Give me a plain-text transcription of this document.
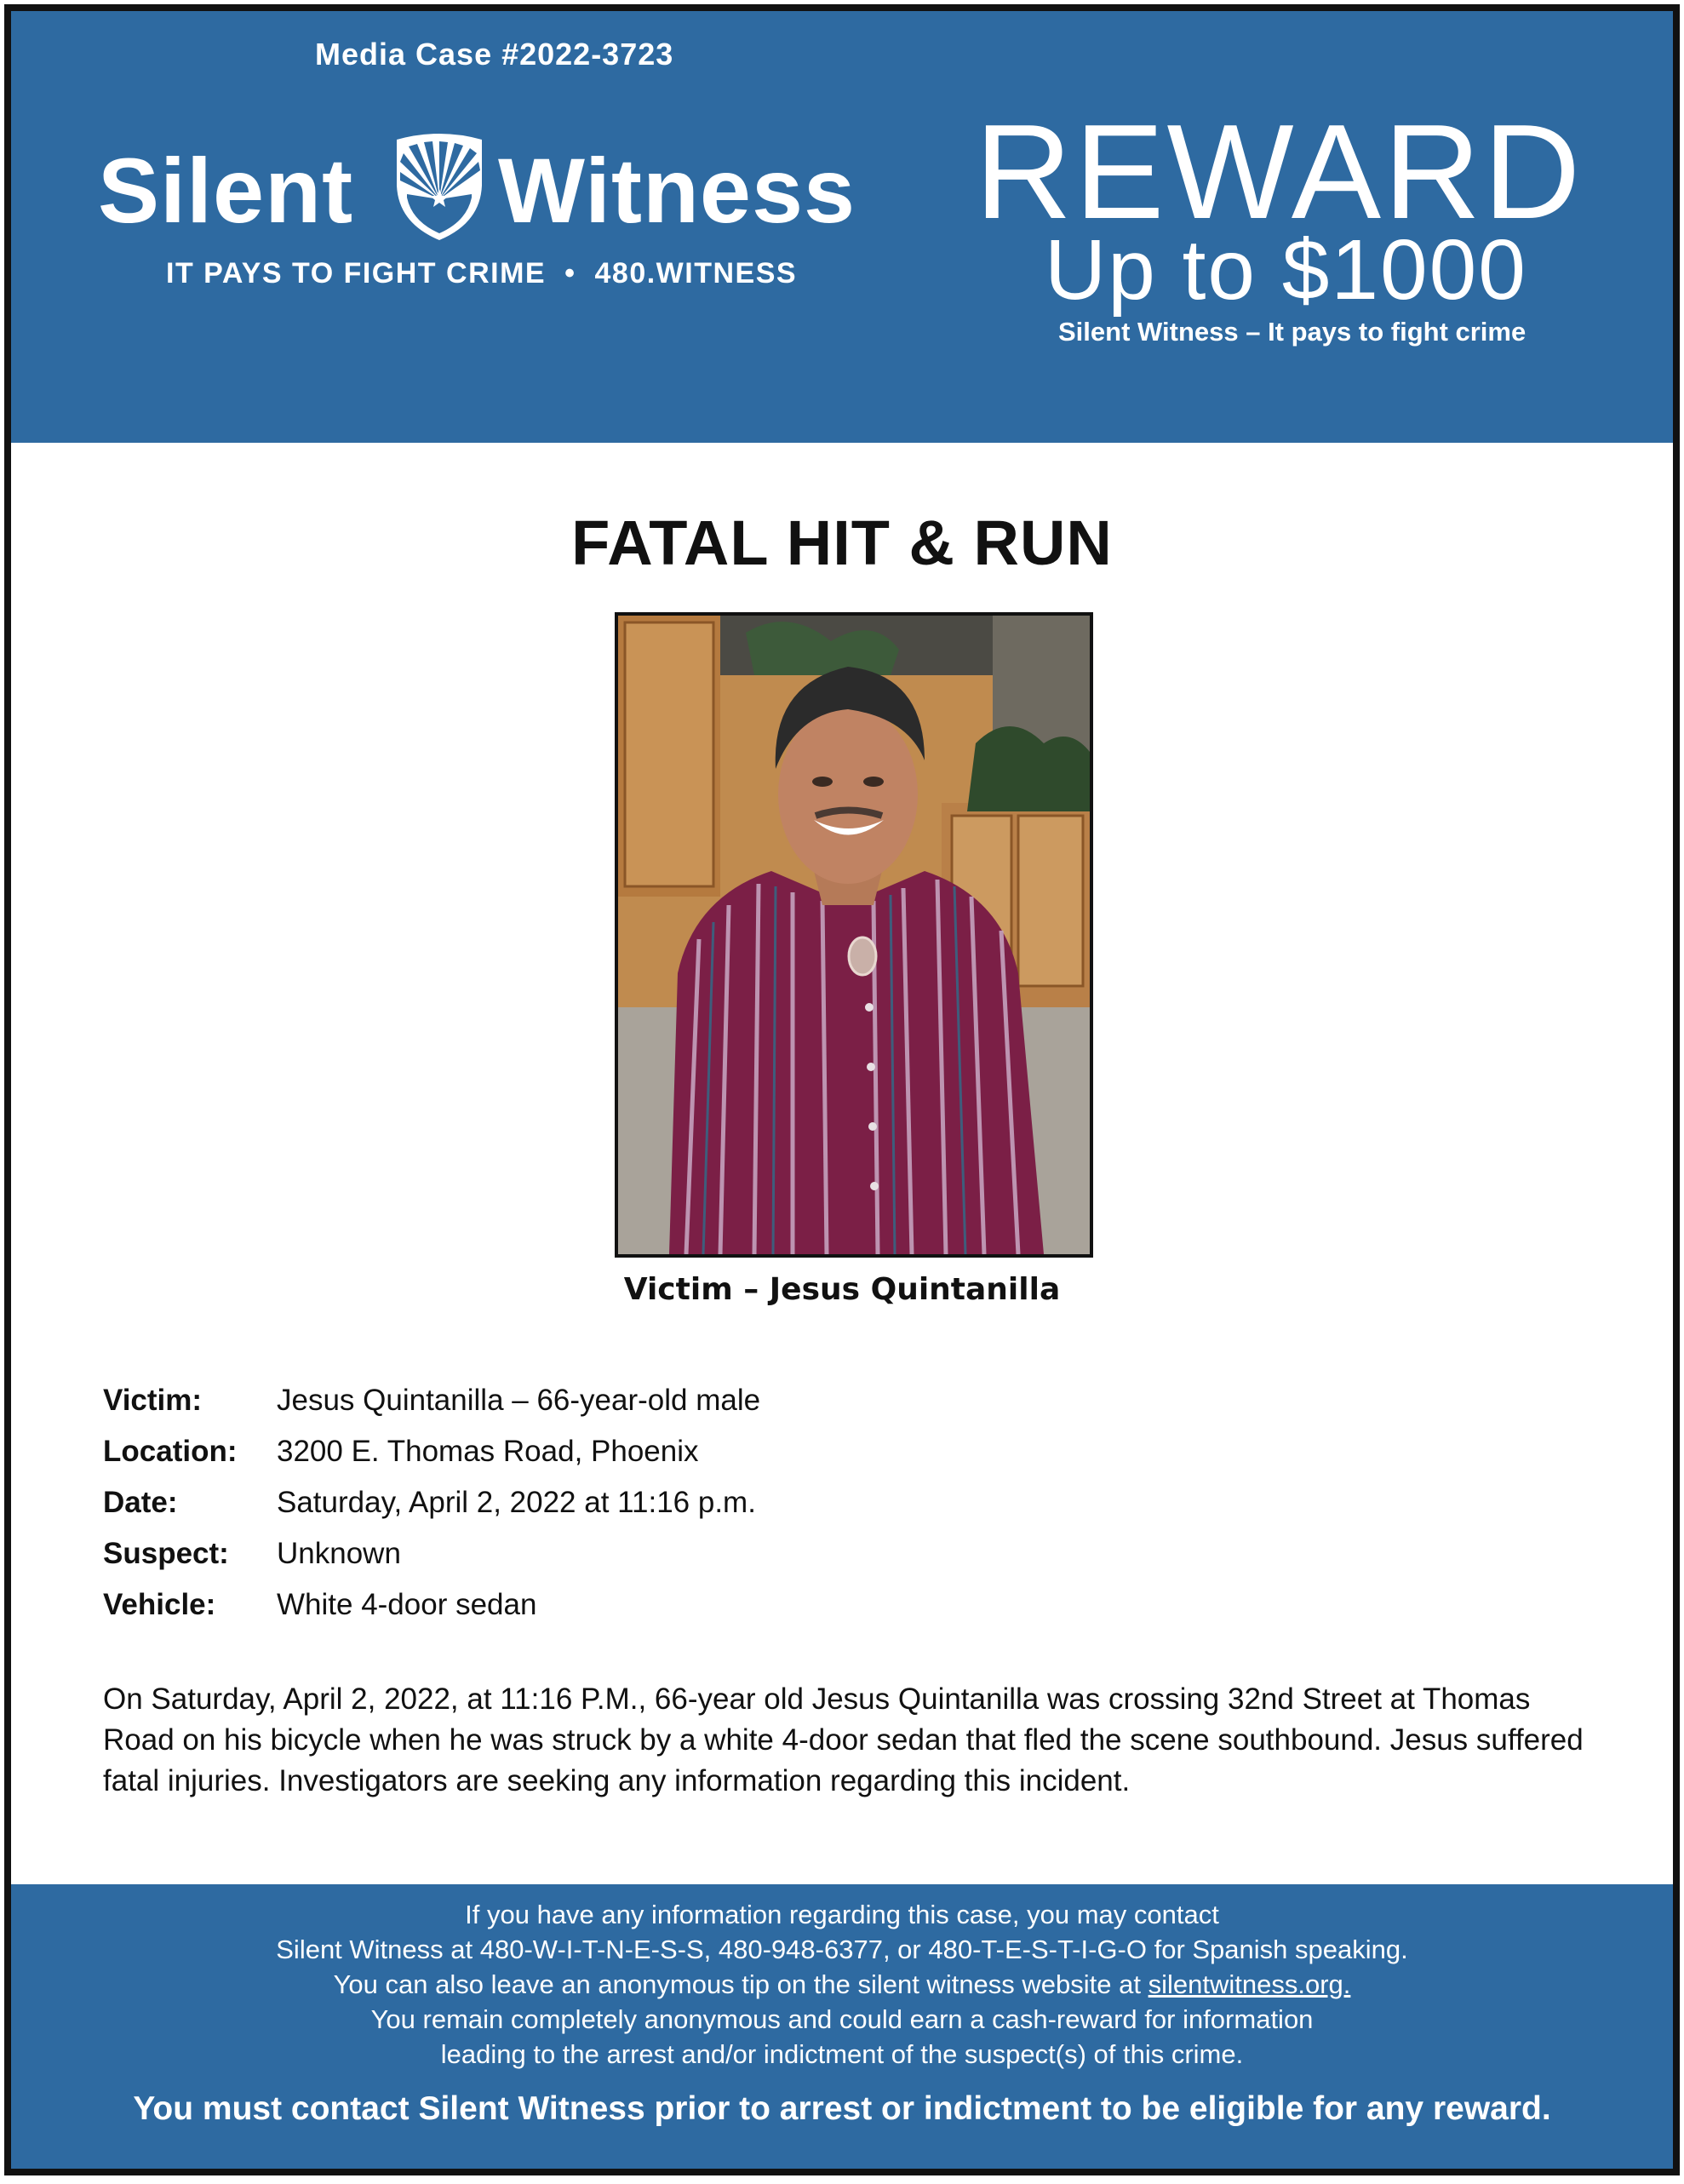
Media Case #2022-3723
Silent Witness
IT PAYS TO FIGHT CRIME • 480.WITNESS
REWARD
Up to $1000
Silent Witness – It pays to fight crime
FATAL HIT & RUN
Victim – Jesus Quintanilla
Victim:	Jesus Quintanilla – 66-year-old male
Location: 3200 E. Thomas Road, Phoenix
Date:	Saturday, April 2, 2022 at 11:16 p.m.
Suspect: Unknown
Vehicle: White 4-door sedan
On Saturday, April 2, 2022, at 11:16 P.M., 66-year old Jesus Quintanilla was crossing 32nd Street at Thomas Road on his bicycle when he was struck by a white 4-door sedan that fled the scene southbound. Jesus suffered fatal injuries. Investigators are seeking any information regarding this incident.
If you have any information regarding this case, you may contact
Silent Witness at 480-W-I-T-N-E-S-S, 480-948-6377, or 480-T-E-S-T-I-G-O for Spanish speaking.
You can also leave an anonymous tip on the silent witness website at silentwitness.org.
You remain completely anonymous and could earn a cash-reward for information
leading to the arrest and/or indictment of the suspect(s) of this crime.
You must contact Silent Witness prior to arrest or indictment to be eligible for any reward.
